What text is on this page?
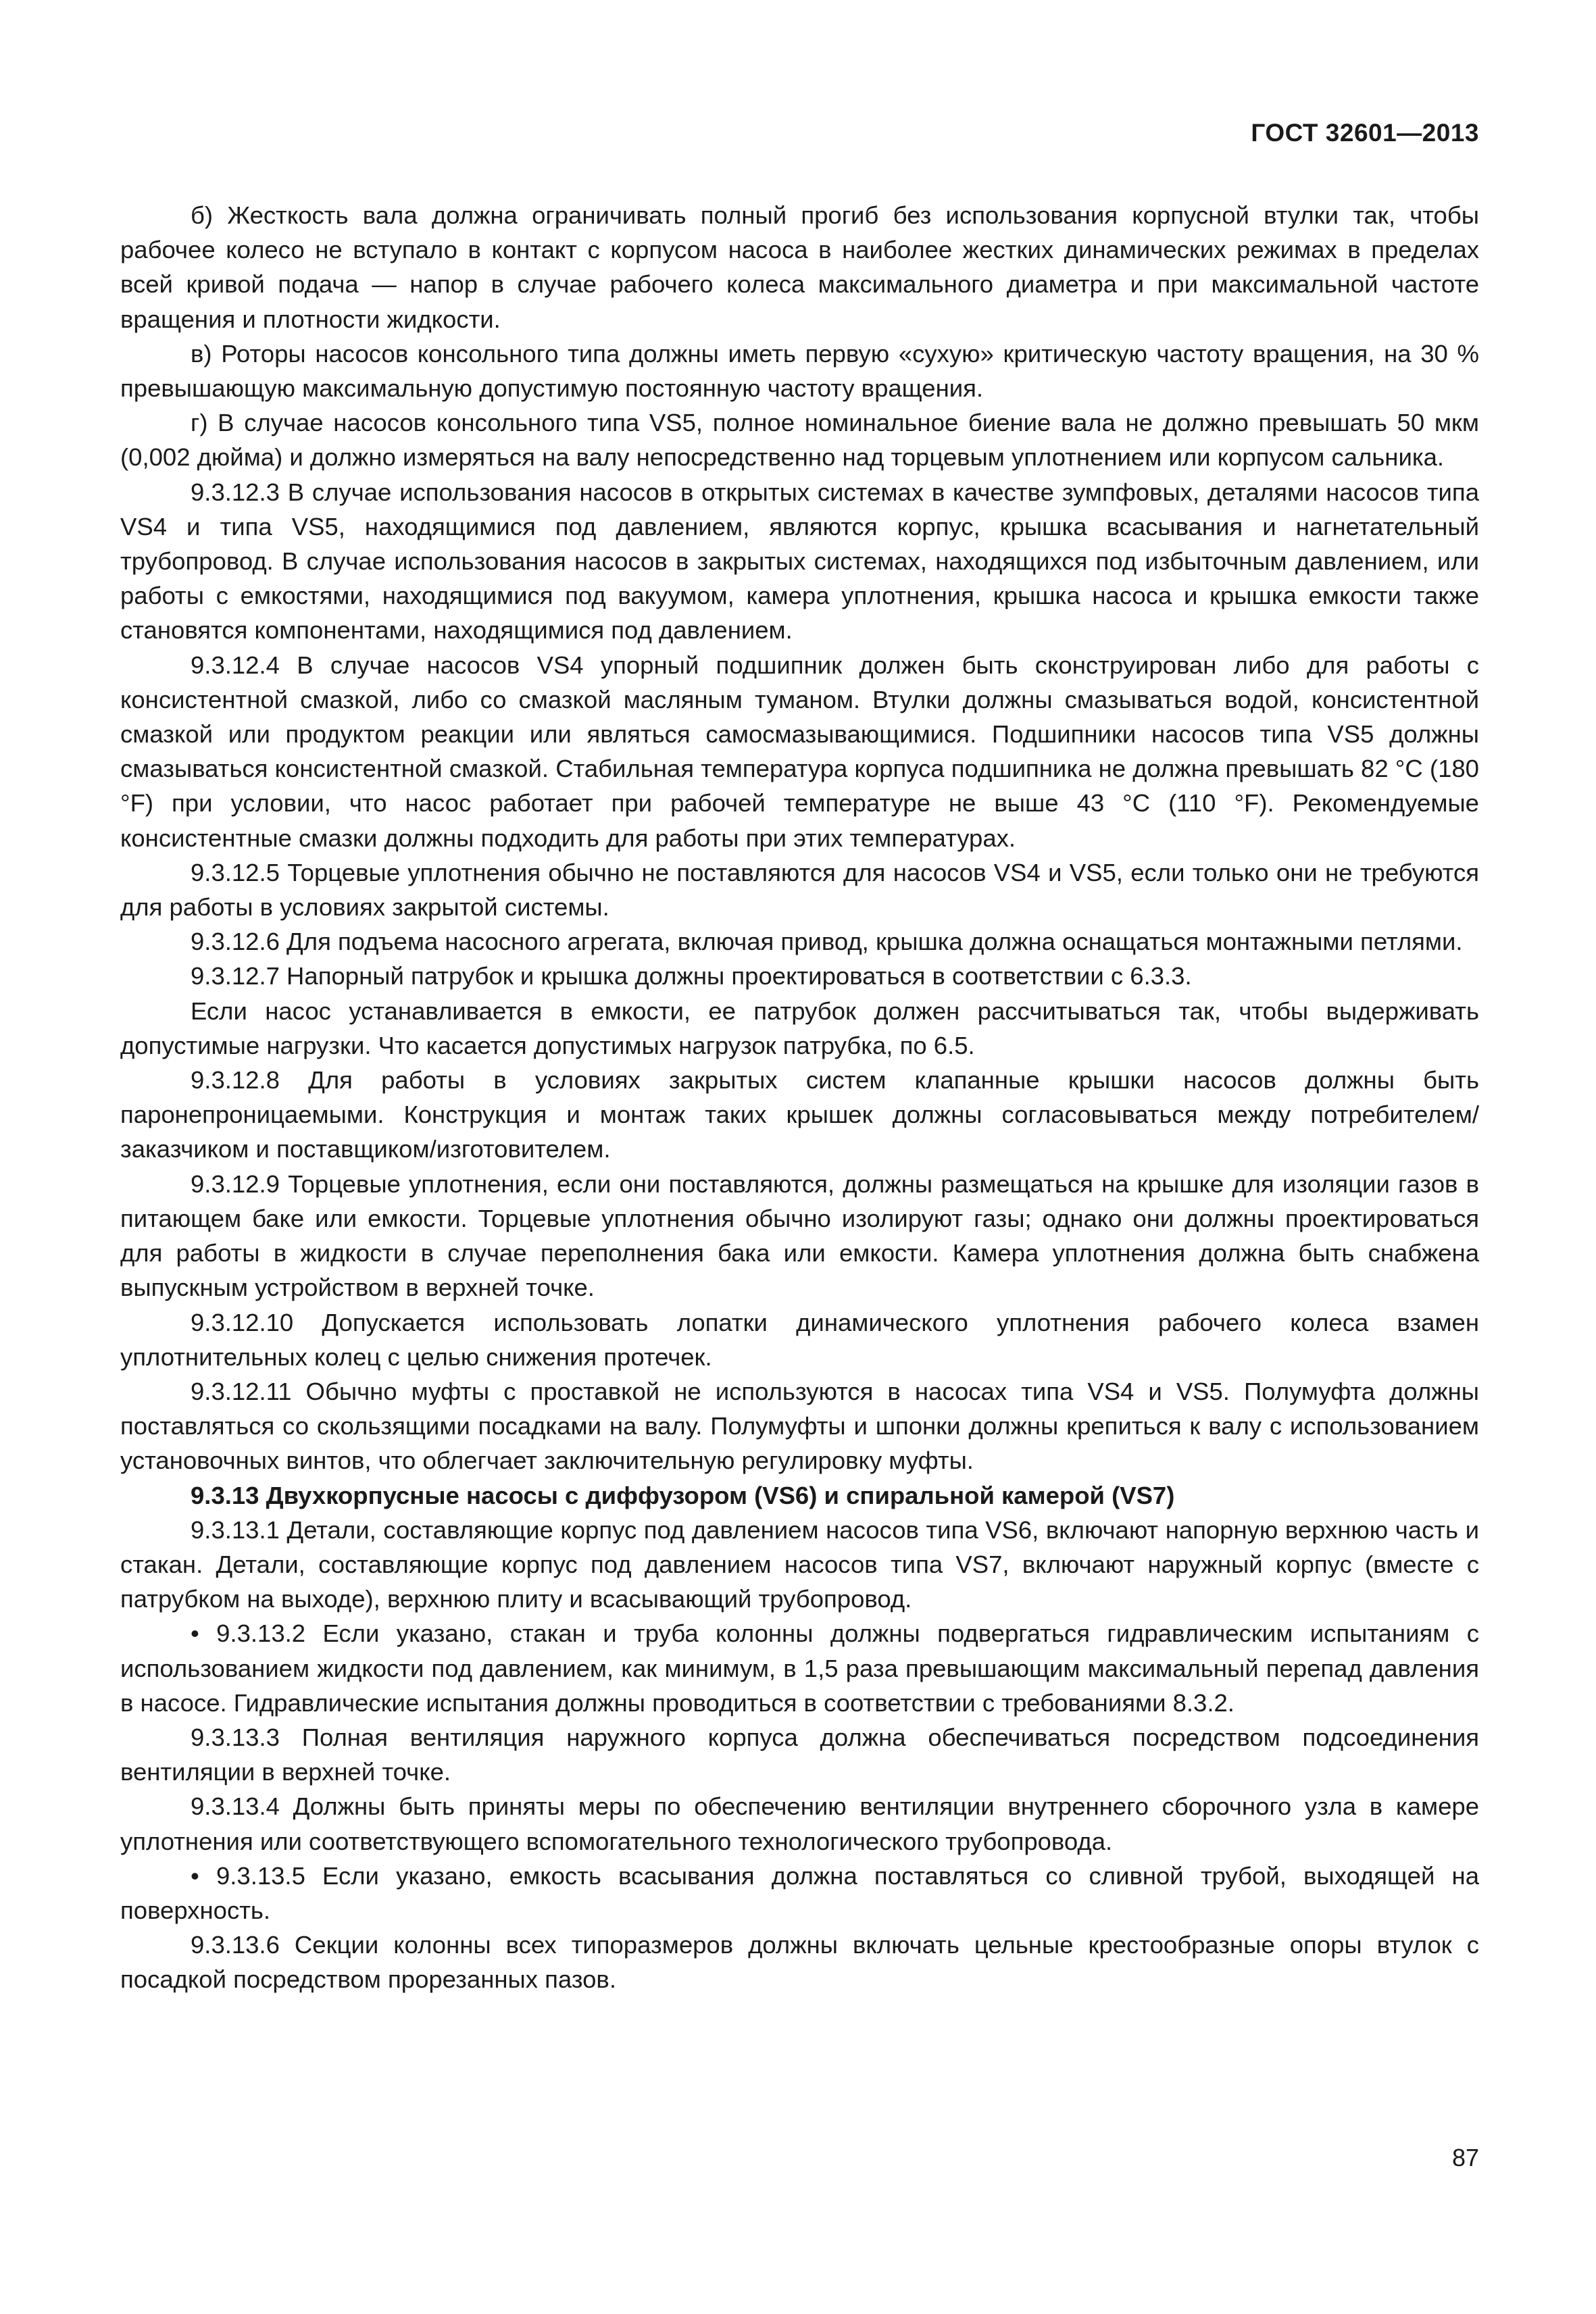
ГОСТ 32601—2013

б) Жесткость вала должна ограничивать полный прогиб без использования корпусной втулки так, чтобы рабочее колесо не вступало в контакт с корпусом насоса в наиболее жестких динамических режимах в пределах всей кривой подача — напор в случае рабочего колеса максимального диаметра и при максимальной частоте вращения и плотности жидкости.

в) Роторы насосов консольного типа должны иметь первую «сухую» критическую частоту вращения, на 30 % превышающую максимальную допустимую постоянную частоту вращения.

г) В случае насосов консольного типа VS5, полное номинальное биение вала не должно превышать 50 мкм (0,002 дюйма) и должно измеряться на валу непосредственно над торцевым уплотнением или корпусом сальника.

9.3.12.3 В случае использования насосов в открытых системах в качестве зумпфовых, деталями насосов типа VS4 и типа VS5, находящимися под давлением, являются корпус, крышка всасывания и нагнетательный трубопровод. В случае использования насосов в закрытых системах, находящихся под избыточным давлением, или работы с емкостями, находящимися под вакуумом, камера уплотнения, крышка насоса и крышка емкости также становятся компонентами, находящимися под давлением.

9.3.12.4 В случае насосов VS4 упорный подшипник должен быть сконструирован либо для работы с консистентной смазкой, либо со смазкой масляным туманом. Втулки должны смазываться водой, консистентной смазкой или продуктом реакции или являться самосмазывающимися. Подшипники насосов типа VS5 должны смазываться консистентной смазкой. Стабильная температура корпуса подшипника не должна превышать 82 °С (180 °F) при условии, что насос работает при рабочей температуре не выше 43 °С (110 °F). Рекомендуемые консистентные смазки должны подходить для работы при этих температурах.

9.3.12.5 Торцевые уплотнения обычно не поставляются для насосов VS4 и VS5, если только они не требуются для работы в условиях закрытой системы.

9.3.12.6 Для подъема насосного агрегата, включая привод, крышка должна оснащаться монтажными петлями.

9.3.12.7 Напорный патрубок и крышка должны проектироваться в соответствии с 6.3.3.

Если насос устанавливается в емкости, ее патрубок должен рассчитываться так, чтобы выдерживать допустимые нагрузки. Что касается допустимых нагрузок патрубка, по 6.5.

9.3.12.8 Для работы в условиях закрытых систем клапанные крышки насосов должны быть паронепроницаемыми. Конструкция и монтаж таких крышек должны согласовываться между потребителем/заказчиком и поставщиком/изготовителем.

9.3.12.9 Торцевые уплотнения, если они поставляются, должны размещаться на крышке для изоляции газов в питающем баке или емкости. Торцевые уплотнения обычно изолируют газы; однако они должны проектироваться для работы в жидкости в случае переполнения бака или емкости. Камера уплотнения должна быть снабжена выпускным устройством в верхней точке.

9.3.12.10 Допускается использовать лопатки динамического уплотнения рабочего колеса взамен уплотнительных колец с целью снижения протечек.

9.3.12.11 Обычно муфты с проставкой не используются в насосах типа VS4 и VS5. Полумуфта должны поставляться со скользящими посадками на валу. Полумуфты и шпонки должны крепиться к валу с использованием установочных винтов, что облегчает заключительную регулировку муфты.

9.3.13 Двухкорпусные насосы с диффузором (VS6) и спиральной камерой (VS7)

9.3.13.1 Детали, составляющие корпус под давлением насосов типа VS6, включают напорную верхнюю часть и стакан. Детали, составляющие корпус под давлением насосов типа VS7, включают наружный корпус (вместе с патрубком на выходе), верхнюю плиту и всасывающий трубопровод.

• 9.3.13.2 Если указано, стакан и труба колонны должны подвергаться гидравлическим испытаниям с использованием жидкости под давлением, как минимум, в 1,5 раза превышающим максимальный перепад давления в насосе. Гидравлические испытания должны проводиться в соответствии с требованиями 8.3.2.

9.3.13.3 Полная вентиляция наружного корпуса должна обеспечиваться посредством подсоединения вентиляции в верхней точке.

9.3.13.4 Должны быть приняты меры по обеспечению вентиляции внутреннего сборочного узла в камере уплотнения или соответствующего вспомогательного технологического трубопровода.

• 9.3.13.5 Если указано, емкость всасывания должна поставляться со сливной трубой, выходящей на поверхность.

9.3.13.6 Секции колонны всех типоразмеров должны включать цельные крестообразные опоры втулок с посадкой посредством прорезанных пазов.

87
